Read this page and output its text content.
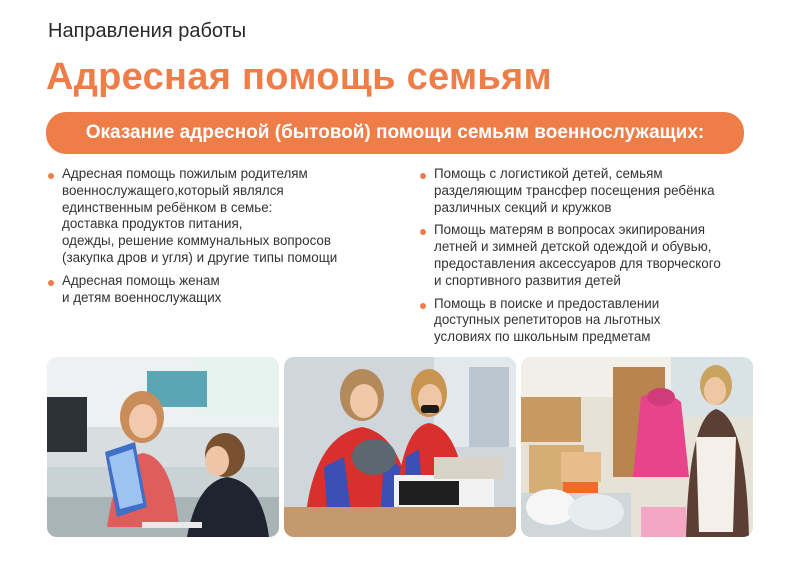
Направления работы
Адресная помощь семьям
Оказание адресной (бытовой) помощи семьям военнослужащих:
Адресная помощь пожилым родителям
военнослужащего,который являлся
единственным ребёнком в семье:
доставка продуктов питания,
одежды, решение коммунальных вопросов
(закупка дров и угля) и другие типы помощи
Адресная помощь женам
и детям военнослужащих
Помощь с логистикой детей, семьям
разделяющим трансфер посещения ребёнка
различных секций и кружков
Помощь матерям в вопросах экипирования
летней и зимней детской одеждой и обувью,
предоставления аксессуаров для творческого
и спортивного развития детей
Помощь в поиске и предоставлении
доступных репетиторов на льготных
условиях по школьным предметам
